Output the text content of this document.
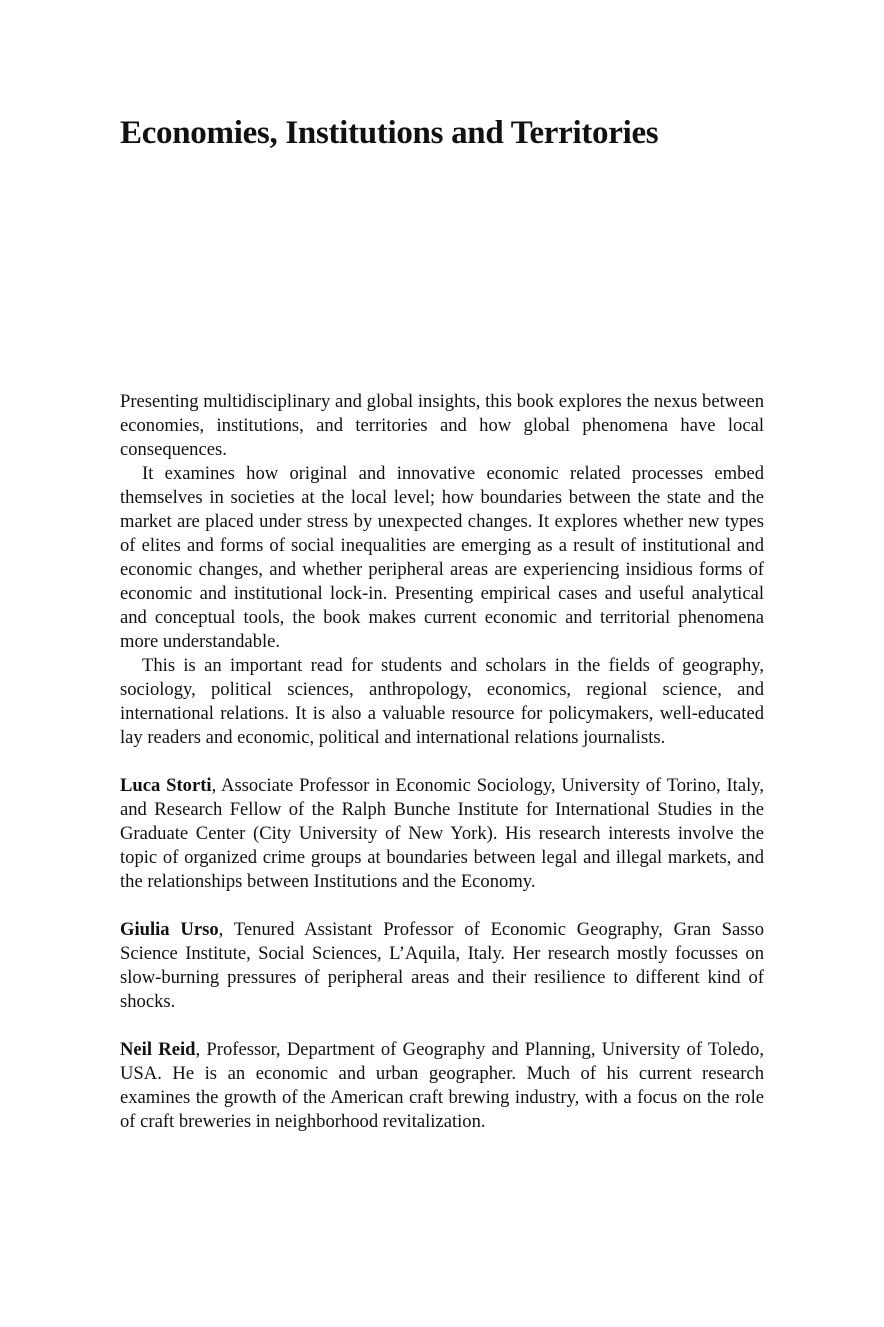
Economies, Institutions and Territories

Presenting multidisciplinary and global insights, this book explores the nexus between economies, institutions, and territories and how global phenomena have local consequences.

It examines how original and innovative economic related processes embed themselves in societies at the local level; how boundaries between the state and the market are placed under stress by unexpected changes. It explores whether new types of elites and forms of social inequalities are emerging as a result of institutional and economic changes, and whether peripheral areas are experiencing insidious forms of economic and institutional lock-in. Presenting empirical cases and useful analytical and conceptual tools, the book makes current economic and territorial phenomena more understandable.

This is an important read for students and scholars in the fields of geography, sociology, political sciences, anthropology, economics, regional science, and international relations. It is also a valuable resource for policymakers, well-educated lay readers and economic, political and international relations journalists.

Luca Storti, Associate Professor in Economic Sociology, University of Torino, Italy, and Research Fellow of the Ralph Bunche Institute for International Studies in the Graduate Center (City University of New York). His research interests involve the topic of organized crime groups at boundaries between legal and illegal markets, and the relationships between Institutions and the Economy.

Giulia Urso, Tenured Assistant Professor of Economic Geography, Gran Sasso Science Institute, Social Sciences, L’Aquila, Italy. Her research mostly focusses on slow-burning pressures of peripheral areas and their resilience to different kind of shocks.

Neil Reid, Professor, Department of Geography and Planning, University of Toledo, USA. He is an economic and urban geographer. Much of his current research examines the growth of the American craft brewing industry, with a focus on the role of craft breweries in neighborhood revitalization.
